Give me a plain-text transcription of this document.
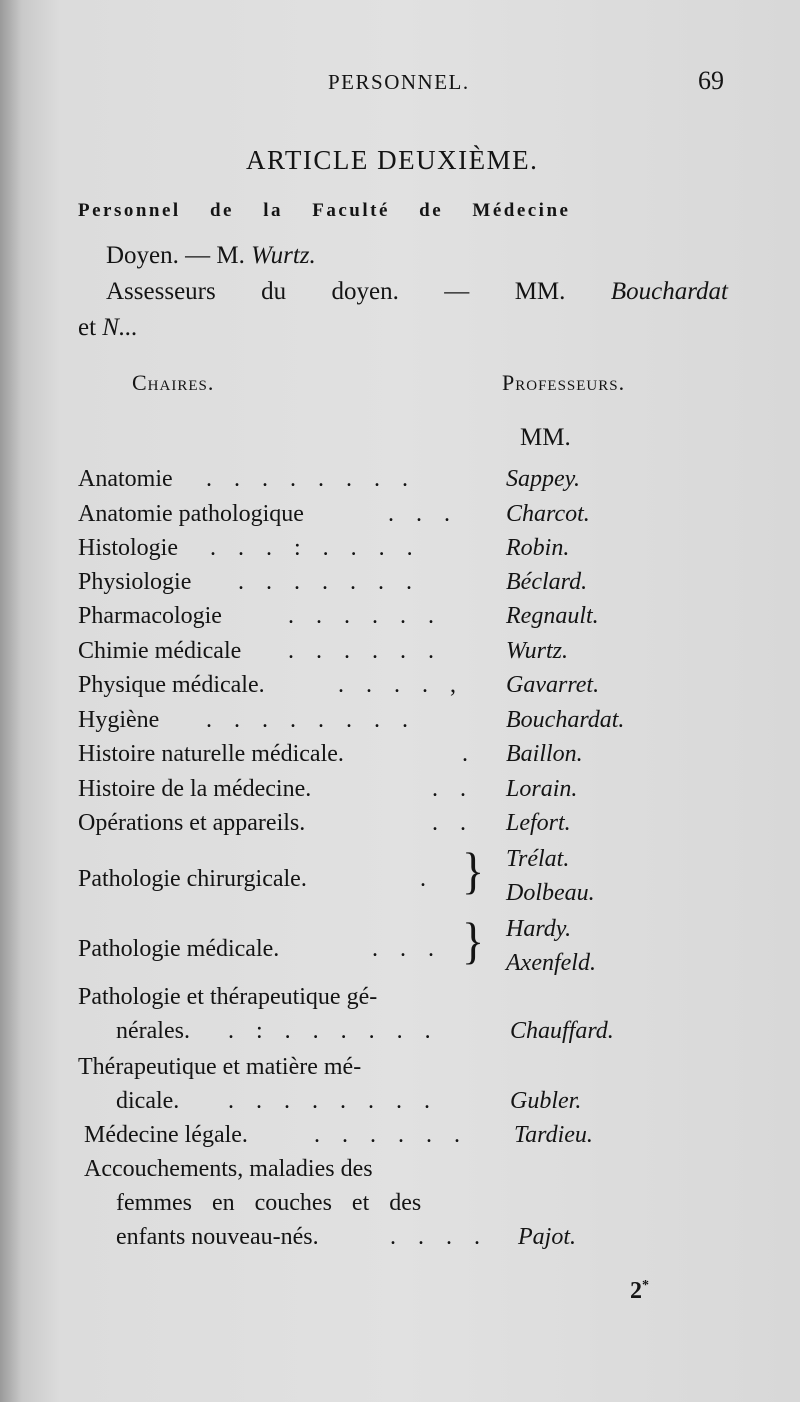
PERSONNEL.	69
ARTICLE DEUXIÈME.
Personnel de la Faculté de Médecine
Doyen. — M. Wurtz.
Assesseurs du doyen. — MM. Bouchardat
et N...
Chaires.	Professeurs.
MM.
Anatomie . . . . . . . .	Sappey.
Anatomie pathologique	. . . Charcot.
Histologie . . . : . . . .	Robin.
Physiologie . . . . . . .	Béclard.
Pharmacologie	. . . . . .	Regnault.
Chimie médicale . . . . . .	Wurtz.
Physique médicale.	. . . . , Gavarret.
Hygiène . . . . . . . .	Bouchardat.
Histoire naturelle médicale.	. Baillon.
Histoire de la médecine.	. . Lorain.
Opérations et appareils.	. . Lefort.
Pathologie chirurgicale.	. } Trélat.
Dolbeau.
Pathologie médicale.	. . . } Hardy.
Axenfeld.
Pathologie et thérapeutique gé-
nérales. . : . . . . . .	Chauffard.
Thérapeutique et matière mé-
dicale. . . . . . . . .	Gubler.
Médecine légale.	. . . . . . Tardieu.
Accouchements, maladies des
femmes en couches et des
enfants nouveau-nés.	. . . . Pajot.
2*
